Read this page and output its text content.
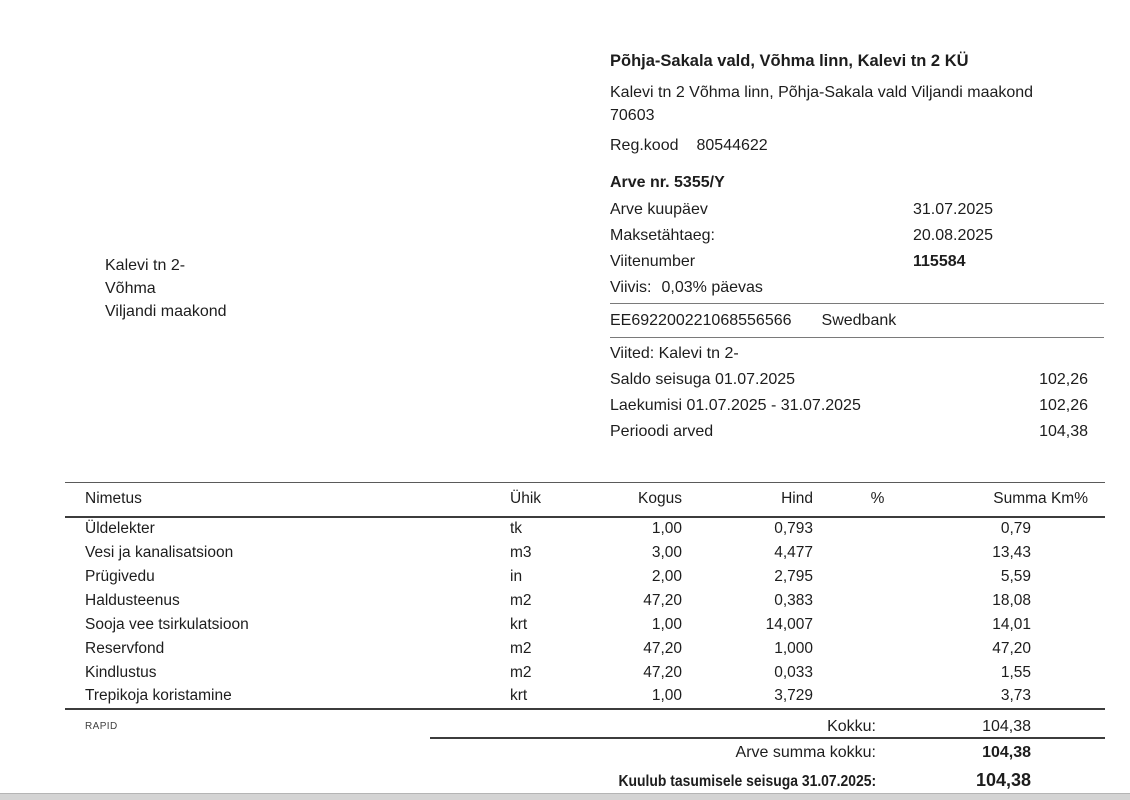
Põhja-Sakala vald, Võhma linn, Kalevi tn 2 KÜ
Kalevi tn 2 Võhma linn, Põhja-Sakala vald Viljandi maakond
70603
Reg.kood 80544622
Kalevi tn 2-
Võhma
Viljandi maakond
Arve nr. 5355/Y
Arve kuupäev	31.07.2025
Maksetähtaeg:	20.08.2025
Viitenumber	115584
Viivis: 0,03% päevas
EE692200221068556566 Swedbank
Viited: Kalevi tn 2-
Saldo seisuga 01.07.2025	102,26
Laekumisi 01.07.2025 - 31.07.2025	102,26
Perioodi arved	104,38
Nimetus	Ühik	Kogus	Hind	%	Summa Km%
Üldelekter	tk	1,00	0,793		0,79
Vesi ja kanalisatsioon	m3	3,00	4,477		13,43
Prügivedu	in	2,00	2,795		5,59
Haldusteenus	m2	47,20	0,383		18,08
Sooja vee tsirkulatsioon	krt	1,00	14,007		14,01
Reservfond	m2	47,20	1,000		47,20
Kindlustus	m2	47,20	0,033		1,55
Trepikoja koristamine	krt	1,00	3,729		3,73
RAPID	Kokku:	104,38
Arve summa kokku:	104,38
Kuulub tasumisele seisuga 31.07.2025:	104,38
